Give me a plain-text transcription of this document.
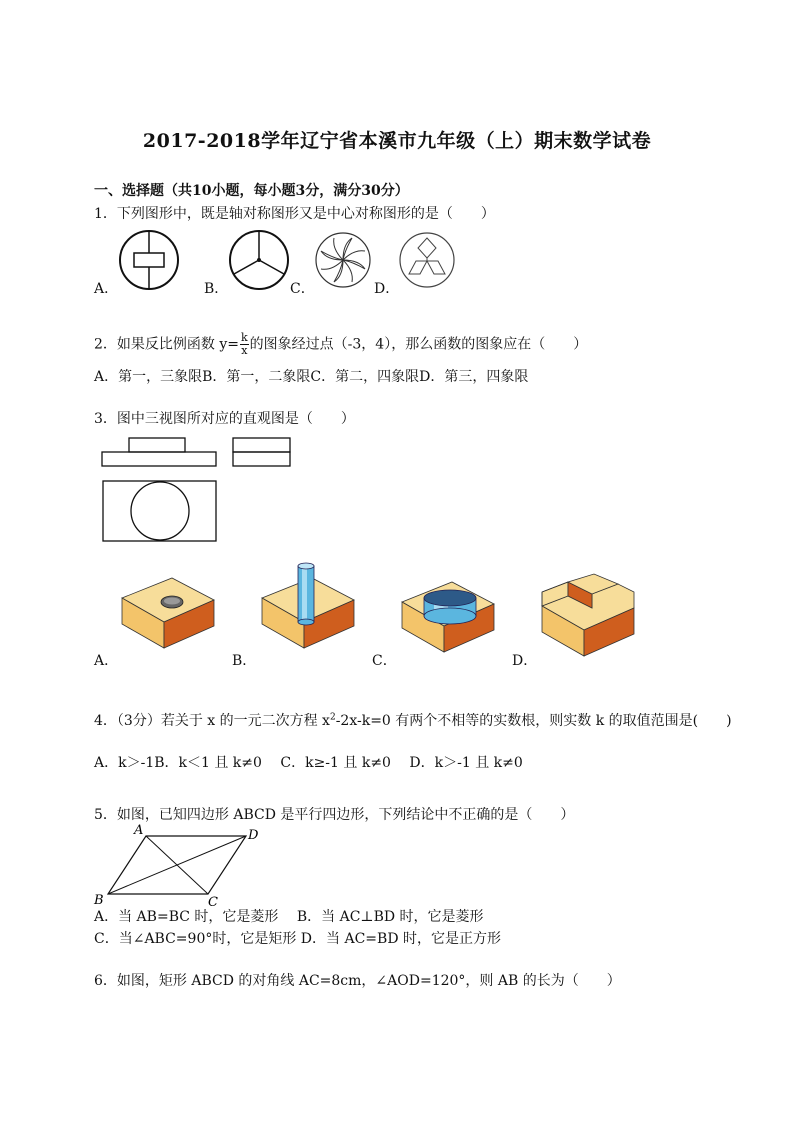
2017-2018学年辽宁省本溪市九年级（上）期末数学试卷
一、选择题（共10小题，每小题3分，满分30分）
1．下列图形中，既是轴对称图形又是中心对称图形的是（　　）
A．	B．	C．	D．
2．如果反比例函数 $y= \frac{k}{x}$ 的图象经过点（-3，4），那么函数的图象应在（　　）
A．第一，三象限B．第一，二象限C．第二，四象限D．第三，四象限
3．图中三视图所对应的直观图是（　　）
A．	B．	C．	D．
4．（3分）若关于 x 的一元二次方程 $x^2-2x-k=0$ 有两个不相等的实数根，则实数 k 的取值范围是(　　)
A．k＞-1B．k＜1 且 k≠0　 C．k≥-1 且 k≠0　 D．k＞-1 且 k≠0
5．如图，已知四边形 ABCD 是平行四边形，下列结论中不正确的是（　　）
A	D
B	C
A．当 AB=BC 时，它是菱形　 B．当 AC⊥BD 时，它是菱形
C．当∠ABC=90°时，它是矩形 D．当 AC=BD 时，它是正方形
6．如图，矩形 ABCD 的对角线 AC=8cm，∠AOD=120°，则 AB 的长为（　　）
